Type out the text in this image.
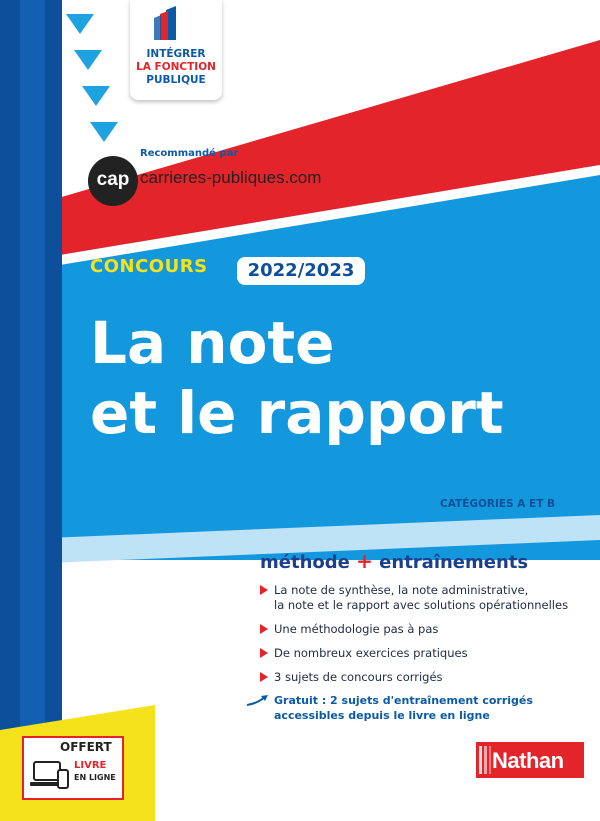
INTÉGRER
LA FONCTION
PUBLIQUE
Recommandé par
cap carrieres-publiques.com
CONCOURS	2022/2023
La note
et le rapport
CATÉGORIES A ET B
méthode + entraînements
La note de synthèse, la note administrative,
la note et le rapport avec solutions opérationnelles
Une méthodologie pas à pas
De nombreux exercices pratiques
3 sujets de concours corrigés
Gratuit : 2 sujets d'entraînement corrigés
accessibles depuis le livre en ligne
OFFERT
LIVRE
EN LIGNE
Nathan
